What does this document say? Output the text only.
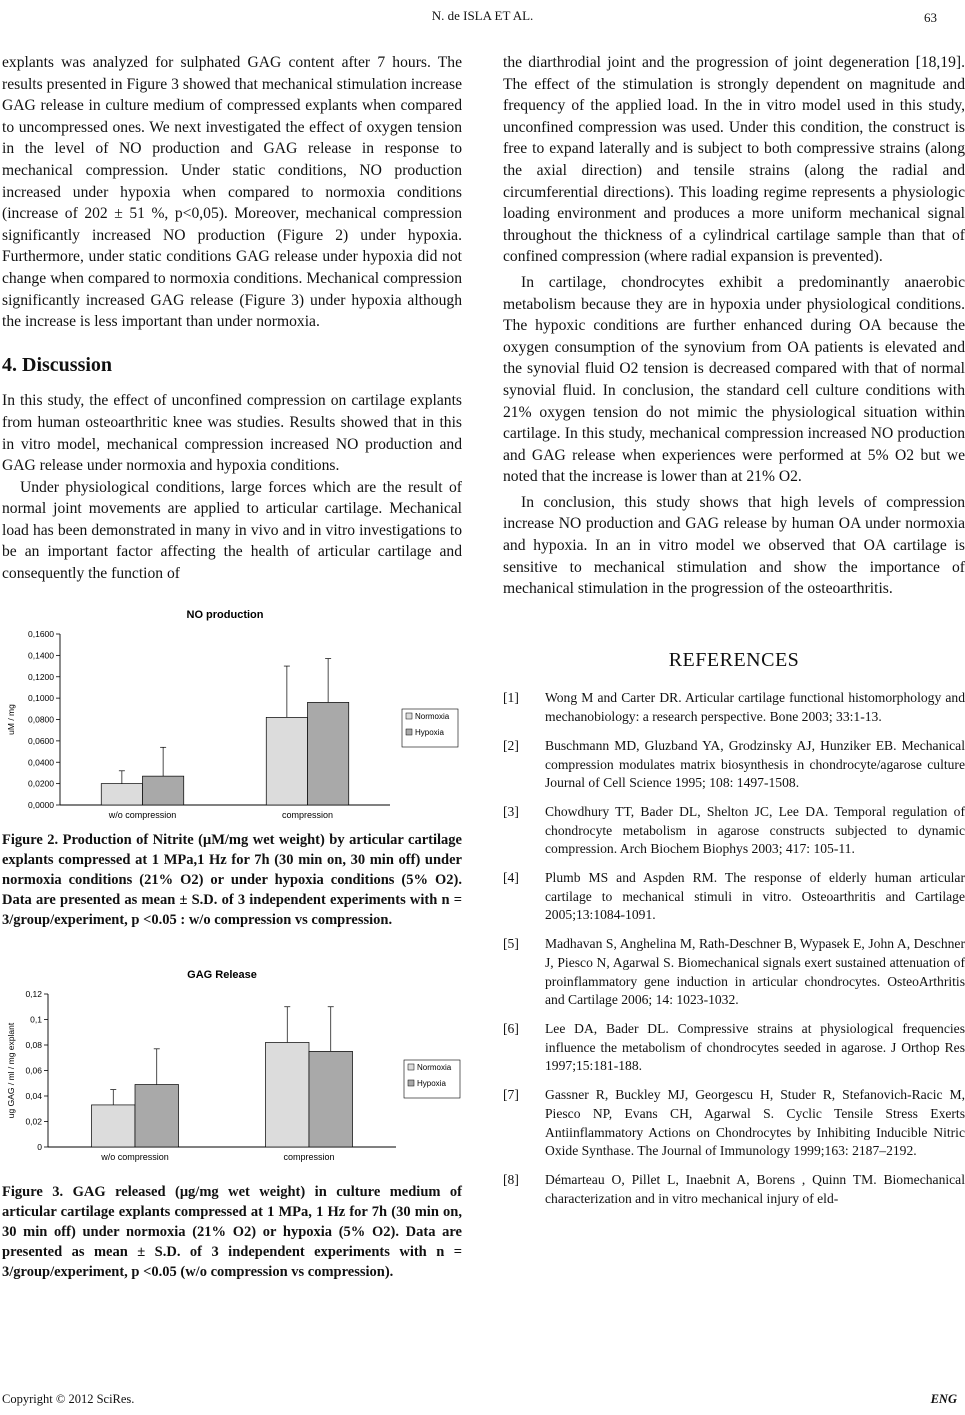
N. de ISLA ET AL.	63

explants was analyzed for sulphated GAG content after 7 hours. The results presented in Figure 3 showed that mechanical stimulation increase GAG release in culture medium of compressed explants when compared to uncompressed ones. We next investigated the effect of oxygen tension in the level of NO production and GAG release in response to mechanical compression. Under static conditions, NO production increased under hypoxia when compared to normoxia conditions (increase of 202 ± 51 %, p<0,05). Moreover, mechanical compression significantly increased NO production (Figure 2) under hypoxia. Furthermore, under static conditions GAG release under hypoxia did not change when compared to normoxia conditions. Mechanical compression significantly increased GAG release (Figure 3) under hypoxia although the increase is less important than under normoxia.

4. Discussion

In this study, the effect of unconfined compression on cartilage explants from human osteoarthritic knee was studies. Results showed that in this in vitro model, mechanical compression increased NO production and GAG release under normoxia and hypoxia conditions.

Under physiological conditions, large forces which are the result of normal joint movements are applied to articular cartilage. Mechanical load has been demonstrated in many in vivo and in vitro investigations to be an important factor affecting the health of articular cartilage and consequently the function of

NO production
0,0000
0,0200
0,0400
0,0600
0,0800
0,1000
0,1200
0,1400
0,1600
uM / mg
w/o compression	compression
Normoxia
Hypoxia
Figure 2. Production of Nitrite (μM/mg wet weight) by articular cartilage explants compressed at 1 MPa,1 Hz for 7h (30 min on, 30 min off) under normoxia conditions (21% O2) or under hypoxia conditions (5% O2). Data are presented as mean ± S.D. of 3 independent experiments with n = 3/group/experiment, p <0.05 : w/o compression vs compression.
GAG Release
0
0,02
0,04
0,06
0,08
0,1
0,12
ug GAG / ml / mg explant
w/o compression	compression
Normoxia
Hypoxia
Figure 3. GAG released (μg/mg wet weight) in culture medium of articular cartilage explants compressed at 1 MPa, 1 Hz for 7h (30 min on, 30 min off) under normoxia (21% O2) or hypoxia (5% O2). Data are presented as mean ± S.D. of 3 independent experiments with n = 3/group/experiment, p <0.05 (w/o compression vs compression).

the diarthrodial joint and the progression of joint degeneration [18,19]. The effect of the stimulation is strongly dependent on magnitude and frequency of the applied load. In the in vitro model used in this study, unconfined compression was used. Under this condition, the construct is free to expand laterally and is subject to both compressive strains (along the axial direction) and tensile strains (along the radial and circumferential directions). This loading regime represents a physiologic loading environment and produces a more uniform mechanical signal throughout the thickness of a cylindrical cartilage sample than that of confined compression (where radial expansion is prevented).

In cartilage, chondrocytes exhibit a predominantly anaerobic metabolism because they are in hypoxia under physiological conditions. The hypoxic conditions are further enhanced during OA because the oxygen consumption of the synovium from OA patients is elevated and the synovial fluid O2 tension is decreased compared with that of normal synovial fluid. In conclusion, the standard cell culture conditions with 21% oxygen tension do not mimic the physiological situation within cartilage. In this study, mechanical compression increased NO production and GAG release when experiences were performed at 5% O2 but we noted that the increase is lower than at 21% O2.

In conclusion, this study shows that high levels of compression increase NO production and GAG release by human OA under normoxia and hypoxia. In an in vitro model we observed that OA cartilage is sensitive to mechanical stimulation and show the importance of mechanical stimulation in the progression of the osteoarthritis.

REFERENCES
[1]	Wong M and Carter DR. Articular cartilage functional histomorphology and mechanobiology: a research perspective. Bone 2003; 33:1-13.
[2]	Buschmann MD, Gluzband YA, Grodzinsky AJ, Hunziker EB. Mechanical compression modulates matrix biosynthesis in chondrocyte/agarose culture Journal of Cell Science 1995; 108: 1497-1508.
[3]	Chowdhury TT, Bader DL, Shelton JC, Lee DA. Temporal regulation of chondrocyte metabolism in agarose constructs subjected to dynamic compression. Arch Biochem Biophys 2003; 417: 105-11.
[4]	Plumb MS and Aspden RM. The response of elderly human articular cartilage to mechanical stimuli in vitro. Osteoarthritis and Cartilage 2005;13:1084-1091.
[5]	Madhavan S, Anghelina M, Rath-Deschner B, Wypasek E, John A, Deschner J, Piesco N, Agarwal S. Biomechanical signals exert sustained attenuation of proinflammatory gene induction in articular chondrocytes. OsteoArthritis and Cartilage 2006; 14: 1023-1032.
[6]	Lee DA, Bader DL. Compressive strains at physiological frequencies influence the metabolism of chondrocytes seeded in agarose. J Orthop Res 1997;15:181-188.
[7]	Gassner R, Buckley MJ, Georgescu H, Studer R, Stefanovich-Racic M, Piesco NP, Evans CH, Agarwal S. Cyclic Tensile Stress Exerts Antiinflammatory Actions on Chondrocytes by Inhibiting Inducible Nitric Oxide Synthase. The Journal of Immunology 1999;163: 2187–2192.
[8]	Démarteau O, Pillet L, Inaebnit A, Borens , Quinn TM. Biomechanical characterization and in vitro mechanical injury of eld-
Copyright © 2012 SciRes.	ENG
